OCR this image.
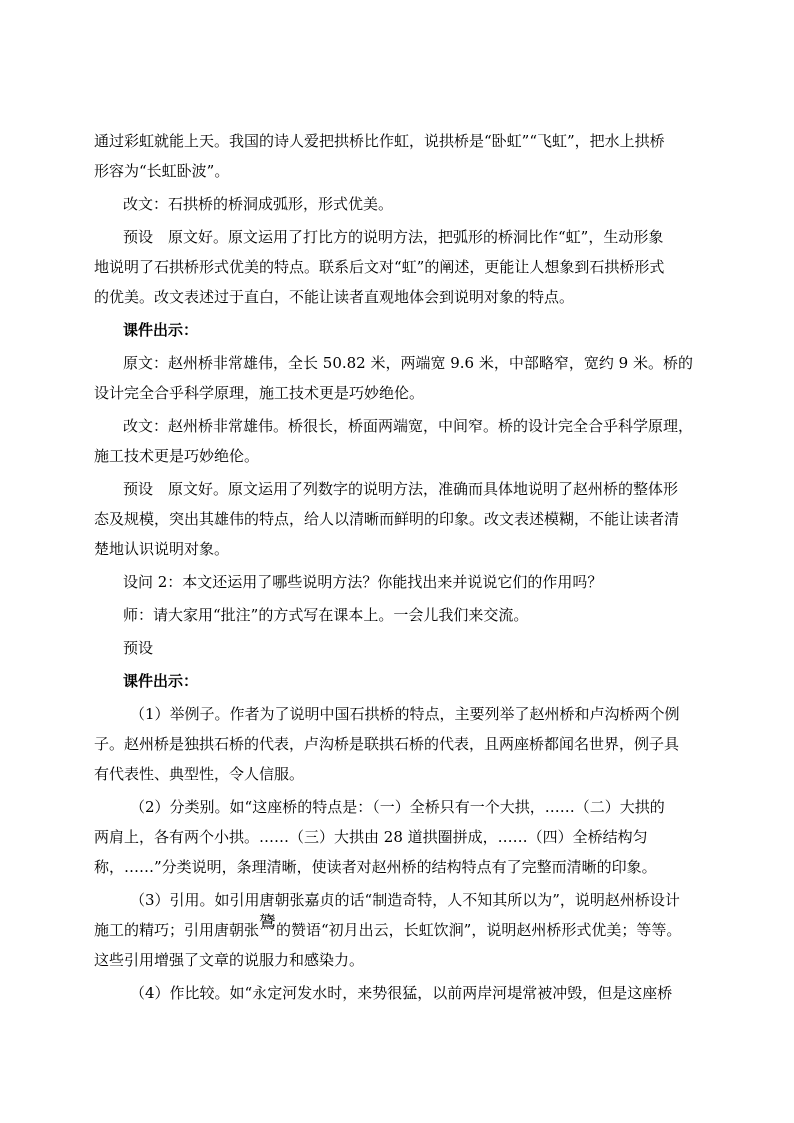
通过彩虹就能上天。我国的诗人爱把拱桥比作虹，说拱桥是“卧虹”“飞虹”，把水上拱桥
形容为“长虹卧波”。

改文：石拱桥的桥洞成弧形，形式优美。

预设 原文好。原文运用了打比方的说明方法，把弧形的桥洞比作“虹”，生动形象
地说明了石拱桥形式优美的特点。联系后文对“虹”的阐述，更能让人想象到石拱桥形式
的优美。改文表述过于直白，不能让读者直观地体会到说明对象的特点。

课件出示：

原文：赵州桥非常雄伟，全长 50.82 米，两端宽 9.6 米，中部略窄，宽约 9 米。桥的
设计完全合乎科学原理，施工技术更是巧妙绝伦。

改文：赵州桥非常雄伟。桥很长，桥面两端宽，中间窄。桥的设计完全合乎科学原理，
施工技术更是巧妙绝伦。

预设 原文好。原文运用了列数字的说明方法，准确而具体地说明了赵州桥的整体形
态及规模，突出其雄伟的特点，给人以清晰而鲜明的印象。改文表述模糊，不能让读者清
楚地认识说明对象。

设问 2：本文还运用了哪些说明方法？你能找出来并说说它们的作用吗？

师：请大家用“批注”的方式写在课本上。一会儿我们来交流。

预设

课件出示：

（1）举例子。作者为了说明中国石拱桥的特点，主要列举了赵州桥和卢沟桥两个例
子。赵州桥是独拱石桥的代表，卢沟桥是联拱石桥的代表，且两座桥都闻名世界，例子具
有代表性、典型性，令人信服。

（2）分类别。如“这座桥的特点是：（一）全桥只有一个大拱，……（二）大拱的
两肩上，各有两个小拱。……（三）大拱由 28 道拱圈拼成，……（四）全桥结构匀
称，……”分类说明，条理清晰，使读者对赵州桥的结构特点有了完整而清晰的印象。

（3）引用。如引用唐朝张嘉贞的话“制造奇特，人不知其所以为”，说明赵州桥设计
施工的精巧；引用唐朝张鷟的赞语“初月出云，长虹饮涧”，说明赵州桥形式优美；等等。
这些引用增强了文章的说服力和感染力。

（4）作比较。如“永定河发水时，来势很猛，以前两岸河堤常被冲毁，但是这座桥
